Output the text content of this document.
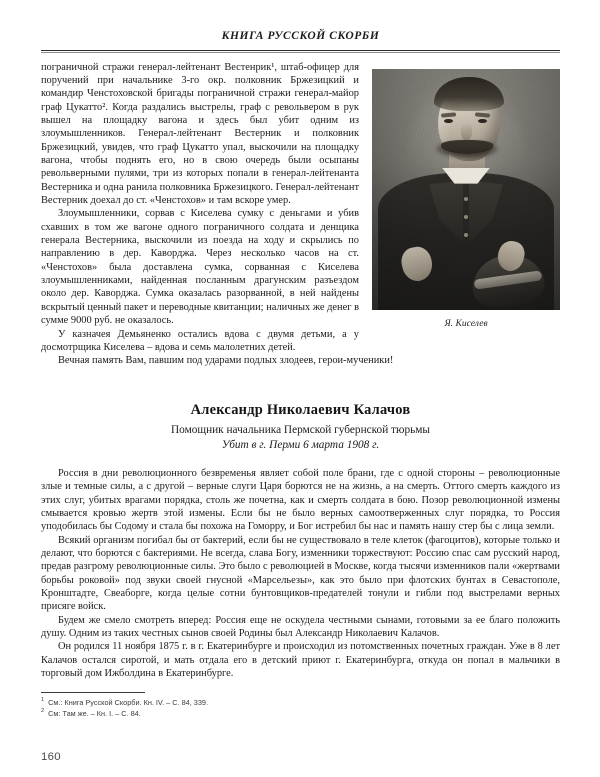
КНИГА РУССКОЙ СКОРБИ
Я. Киселев

пограничной стражи генерал-лейтенант Вестенрик¹, штаб-офицер для поручений при начальнике 3-го окр. полковник Бржезицкий и командир Ченстоховской бригады пограничной стражи генерал-майор граф Цукатто². Когда раздались выстрелы, граф с револьвером в рук вышел на площадку вагона и здесь был убит одним из злоумышленников. Генерал-лейтенант Вестерник и полковник Бржезицкий, увидев, что граф Цукатто упал, выскочили на площадку вагона, чтобы поднять его, но в свою очередь были осыпаны револьверными пулями, три из которых попали в генерал-лейтенанта Вестерника и одна ранила полковника Бржезицкого. Генерал-лейтенант Вестерник доехал до ст. «Ченстохов» и там вскоре умер.

Злоумышленники, сорвав с Киселева сумку с деньгами и убив схавших в том же вагоне одного пограничного солдата и денщика генерала Вестерника, выскочили из поезда на ходу и скрылись по направлению в дер. Каворджа. Через несколько часов на ст. «Ченстохов» была доставлена сумка, сорванная с Киселева злоумышленниками, найденная посланным драгунским разъездом около дер. Каворджа. Сумка оказалась разорванной, в ней найдены вскрытый ценный пакет и переводные квитанции; наличных же денег в сумме 9000 руб. не оказалось.

У казначея Демьяненко остались вдова с двумя детьми, а у досмотрщика Киселева – вдова и семь малолетних детей.

Вечная память Вам, павшим под ударами подлых злодеев, герои-мученики!

Александр Николаевич Калачов
Помощник начальника Пермской губернской тюрьмы
Убит в г. Перми 6 марта 1908 г.

Россия в дни революционного безвременья являет собой поле брани, где с одной стороны – революционные злые и темные силы, а с другой – верные слуги Царя борются не на жизнь, а на смерть. Оттого смерть каждого из этих слуг, убитых врагами порядка, столь же почетна, как и смерть солдата в бою. Позор революционной измены смывается кровью жертв этой измены. Если бы не было верных самоотверженных слуг порядка, то Россия уподобилась бы Содому и стала бы похожа на Гоморру, и Бог истребил бы нас и память нашу стер бы с лица земли.

Всякий организм погибал бы от бактерий, если бы не существовало в теле клеток (фагоцитов), которые только и делают, что борются с бактериями. Не всегда, слава Богу, изменники торжествуют: Россию спас сам русский народ, предав разгрому революционные силы. Это было с революцией в Москве, когда тысячи изменников пали «жертвами борьбы роковой» под звуки своей гнусной «Марсельезы», как это было при флотских бунтах в Севастополе, Кронштадте, Свеаборге, когда целые сотни бунтовщиков-предателей тонули и гибли под выстрелами верных присяге войск.

Будем же смело смотреть вперед: Россия еще не оскудела честными сынами, готовыми за ее благо положить душу. Одним из таких честных сынов своей Родины был Александр Николаевич Калачов.

Он родился 11 ноября 1875 г. в г. Екатеринбурге и происходил из потомственных почетных граждан. Уже в 8 лет Калачов остался сиротой, и мать отдала его в детский приют г. Екатеринбурга, откуда он попал в мальчики в торговый дом Ижболдина в Екатеринбурге.

1 См.: Книга Русской Скорби. Кн. IV. – С. 84, 339.
2 См: Там же. – Кн. I. – С. 84.
160
